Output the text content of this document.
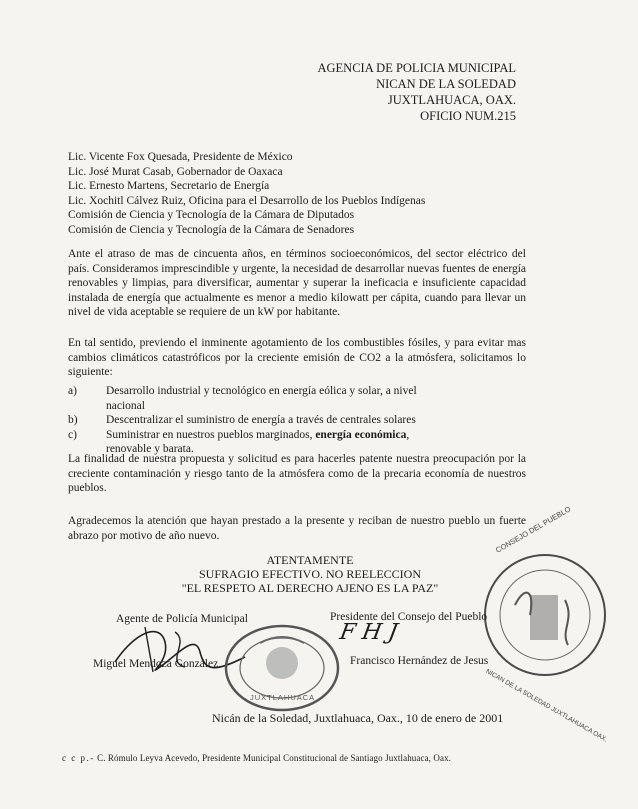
AGENCIA DE POLICIA MUNICIPAL
NICAN DE LA SOLEDAD
JUXTLAHUACA, OAX.
OFICIO NUM.215
Lic. Vicente Fox Quesada, Presidente de México
Lic. José Murat Casab, Gobernador de Oaxaca
Lic. Ernesto Martens, Secretario de Energía
Lic. Xochitl Cálvez Ruiz, Oficina para el Desarrollo de los Pueblos Indígenas
Comisión de Ciencia y Tecnología de la Cámara de Diputados
Comisión de Ciencia y Tecnología de la Cámara de Senadores
Ante el atraso de mas de cincuenta años, en términos socioeconómicos, del sector eléctrico del país. Consideramos imprescindible y urgente, la necesidad de desarrollar nuevas fuentes de energía renovables y limpias, para diversificar, aumentar y superar la ineficacia e insuficiente capacidad instalada de energía que actualmente es menor a medio kilowatt per cápita, cuando para llevar un nivel de vida aceptable se requiere de un kW por habitante.
En tal sentido, previendo el inminente agotamiento de los combustibles fósiles, y para evitar mas cambios climáticos catastróficos por la creciente emisión de CO2 a la atmósfera, solicitamos lo siguiente:
a)	Desarrollo industrial y tecnológico en energía eólica y solar, a nivel
nacional
b) Descentralizar el suministro de energía a través de centrales solares
c)	Suministrar en nuestros pueblos marginados, energía económica,
renovable y barata.
La finalidad de nuestra propuesta y solicitud es para hacerles patente nuestra preocupación por la creciente contaminación y riesgo tanto de la atmósfera como de la precaria economía de nuestros pueblos.
Agradecemos la atención que hayan prestado a la presente y reciban de nuestro pueblo un fuerte abrazo por motivo de año nuevo.
ATENTAMENTE
SUFRAGIO EFECTIVO. NO REELECCION
"EL RESPETO AL DERECHO AJENO ES LA PAZ"
JUXTLAHUACA
CONSEJO DEL PUEBLO
NICAN DE LA SOLEDAD JUXTLAHUACA OAX.
Agente de Policía Municipal	Presidente del Consejo del Pueblo
F H J
Miguel Mendoza González	Francisco Hernández de Jesus
Nicán de la Soledad, Juxtlahuaca, Oax., 10 de enero de 2001
c c p.- C. Rómulo Leyva Acevedo, Presidente Municipal Constitucional de Santiago Juxtlahuaca, Oax.
